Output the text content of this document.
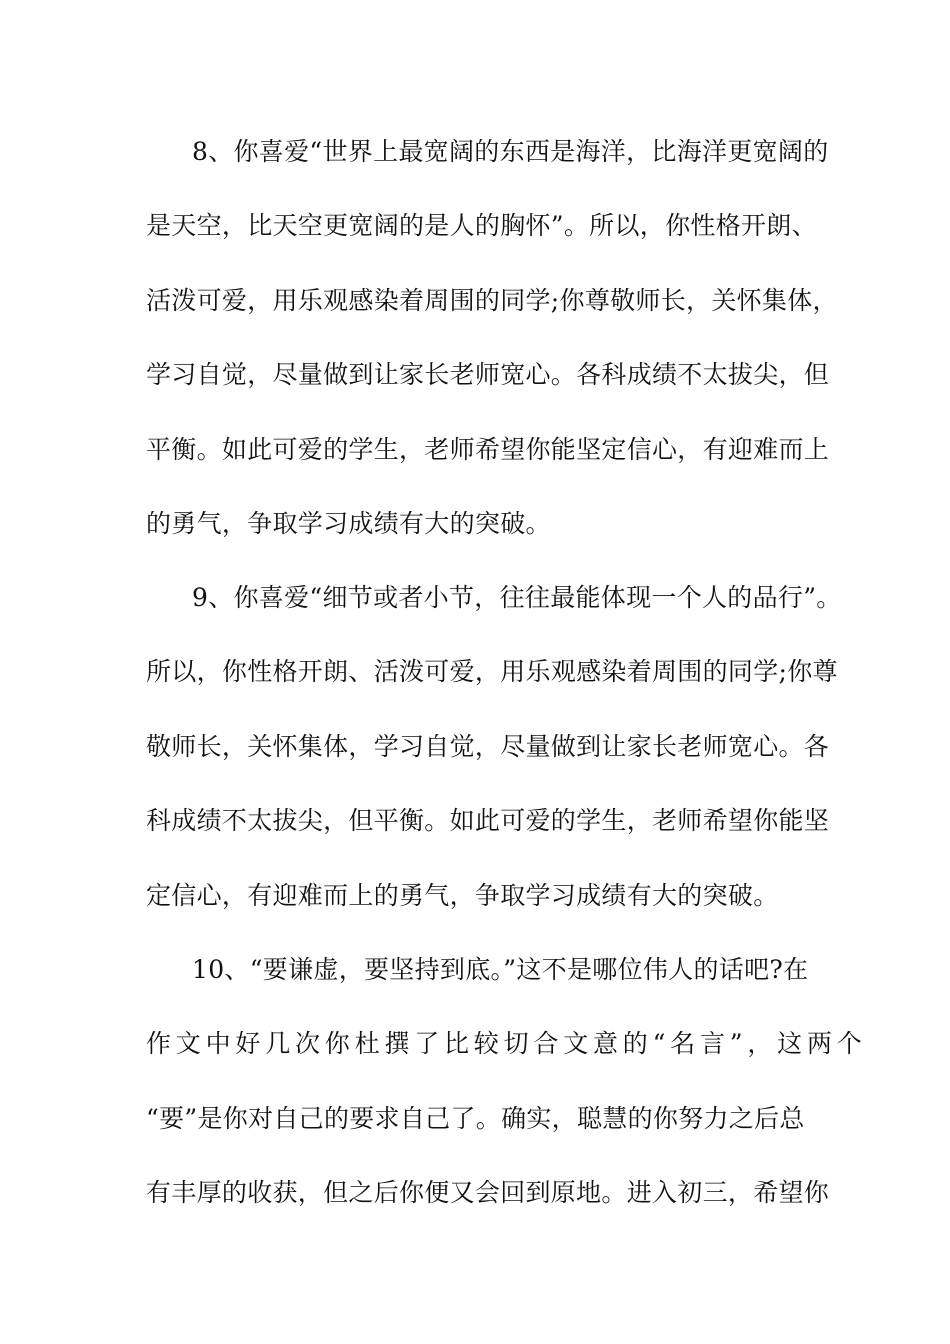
8、你喜爱“世界上最宽阔的东西是海洋，比海洋更宽阔的
是天空，比天空更宽阔的是人的胸怀”。所以，你性格开朗、
活泼可爱，用乐观感染着周围的同学;你尊敬师长，关怀集体，
学习自觉，尽量做到让家长老师宽心。各科成绩不太拔尖，但
平衡。如此可爱的学生，老师希望你能坚定信心，有迎难而上
的勇气，争取学习成绩有大的突破。
9、你喜爱“细节或者小节，往往最能体现一个人的品行”。
所以，你性格开朗、活泼可爱，用乐观感染着周围的同学;你尊
敬师长，关怀集体，学习自觉，尽量做到让家长老师宽心。各
科成绩不太拔尖，但平衡。如此可爱的学生，老师希望你能坚
定信心，有迎难而上的勇气，争取学习成绩有大的突破。
10、“要谦虚，要坚持到底。”这不是哪位伟人的话吧?在
作文中好几次你杜撰了比较切合文意的“名言”，这两个
“要”是你对自己的要求自己了。确实，聪慧的你努力之后总
有丰厚的收获，但之后你便又会回到原地。进入初三，希望你
